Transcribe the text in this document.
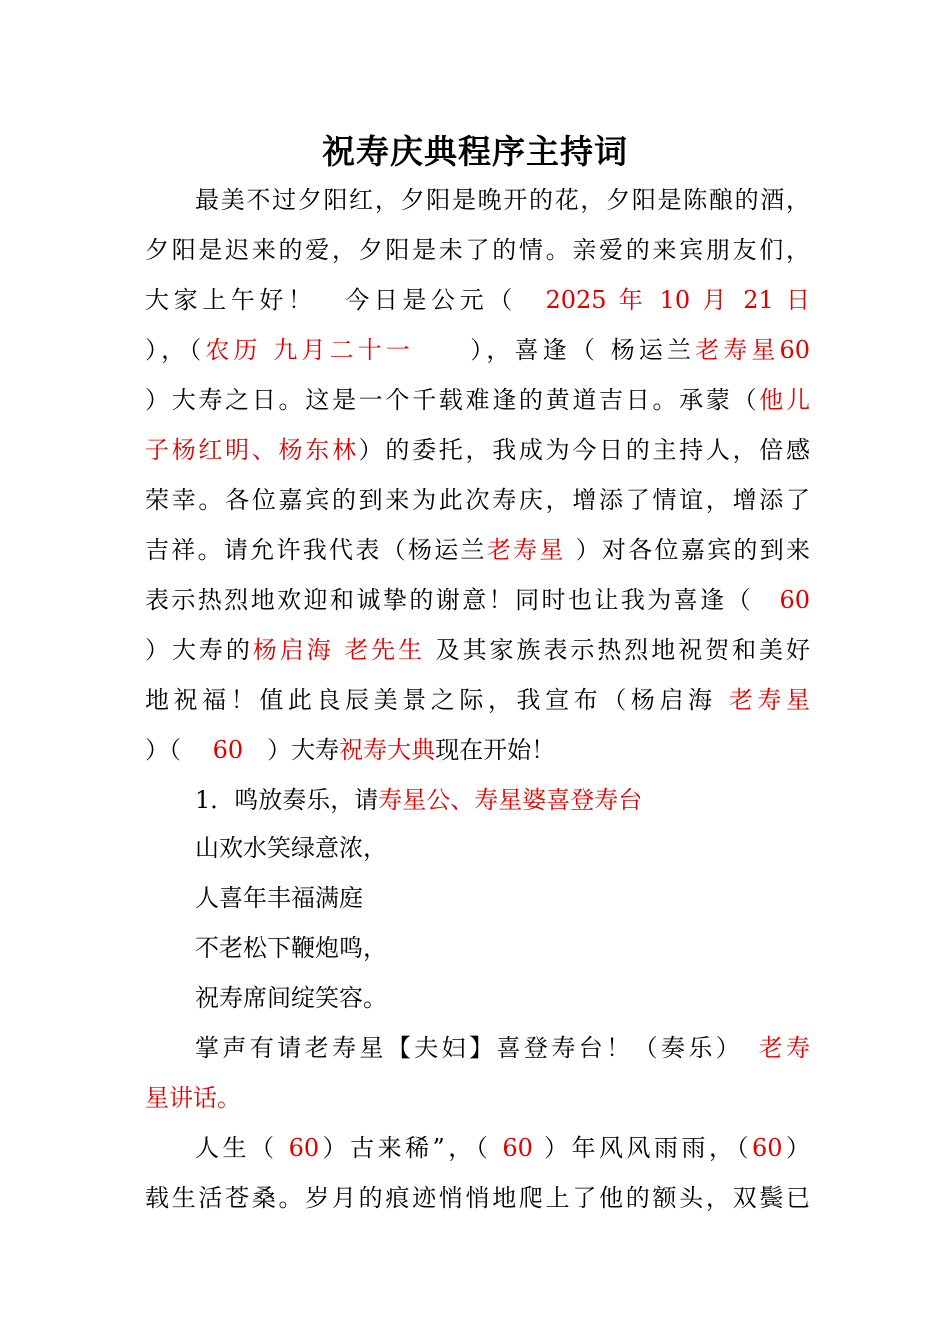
祝寿庆典程序主持词
最美不过夕阳红，夕阳是晚开的花，夕阳是陈酿的酒，
夕阳是迟来的爱，夕阳是未了的情。亲爱的来宾朋友们，
大家上午好！　今日是公元（　2025 年 10 月 21 日
），（农历 九月二十一　　），喜逢（ 杨运兰老寿星60
）大寿之日。这是一个千载难逢的黄道吉日。承蒙（他儿
子杨红明、杨东林）的委托，我成为今日的主持人，倍感
荣幸。各位嘉宾的到来为此次寿庆，增添了情谊，增添了
吉祥。请允许我代表（杨运兰老寿星 ）对各位嘉宾的到来
表示热烈地欢迎和诚挚的谢意！同时也让我为喜逢（　60
）大寿的杨启海 老先生 及其家族表示热烈地祝贺和美好
地祝福！值此良辰美景之际，我宣布（杨启海 老寿星
）（　 60　）大寿祝寿大典现在开始！
1．鸣放奏乐，请寿星公、寿星婆喜登寿台
山欢水笑绿意浓，
人喜年丰福满庭
不老松下鞭炮鸣，
祝寿席间绽笑容。
掌声有请老寿星【夫妇】喜登寿台！（奏乐）　老寿
星讲话。
人生（ 60）古来稀”，（ 60 ）年风风雨雨，（60）
载生活苍桑。岁月的痕迹悄悄地爬上了他的额头，双鬓已
